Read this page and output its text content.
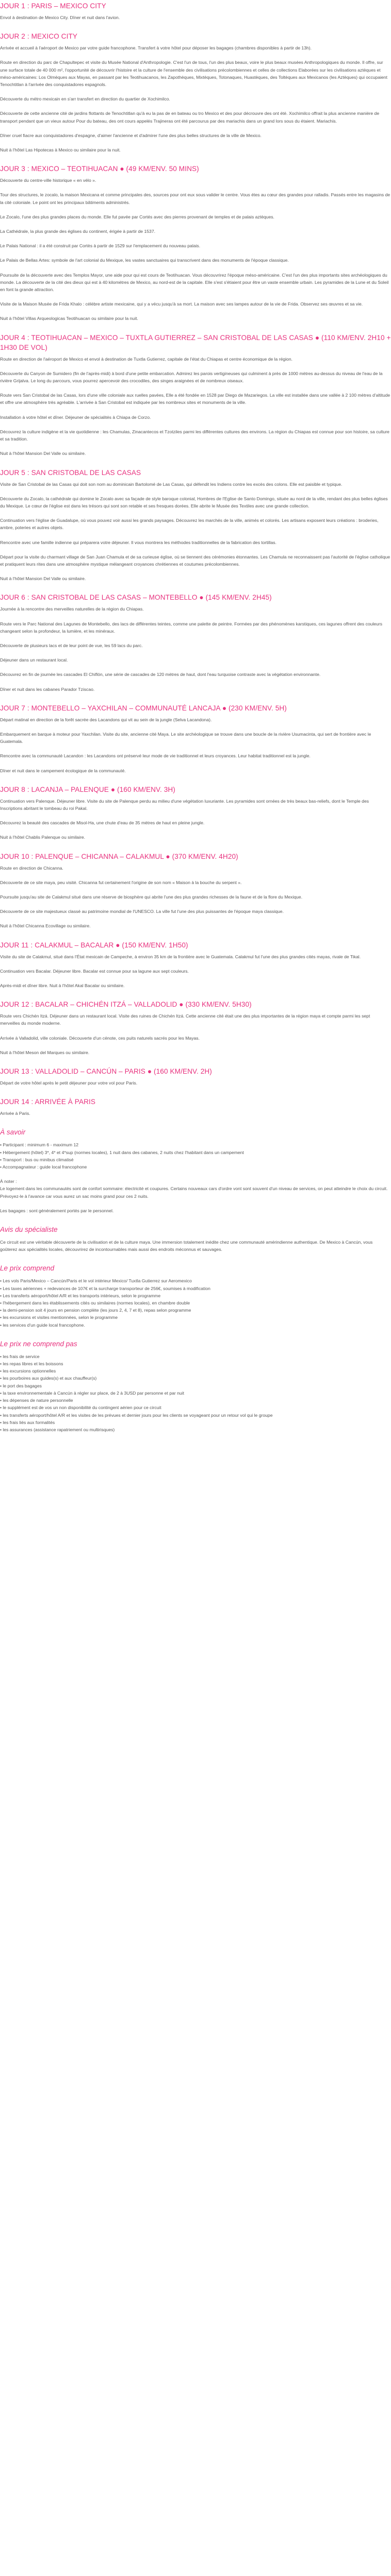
JOUR 1 : PARIS – MEXICO CITY

Envol à destination de Mexico City. Dîner et nuit dans l'avion.

JOUR 2 : MEXICO CITY

Arrivée et accueil à l'aéroport de Mexico par votre guide francophone. Transfert à votre hôtel pour déposer les bagages (chambres disponibles à partir de 13h).

Route en direction du parc de Chapultepec et visite du Musée National d'Anthropologie. C'est l'un de tous, l'un des plus beaux, voire le plus beaux musées Anthropologiques du monde. Il offre, sur une surface totale de 40 000 m², l'opportunité de découvrir l'histoire et la culture de l'ensemble des civilisations précolombiennes et celles de collections Elaborées sur les civilisations aztèques et méso-américaines: Los Olmèques aux Mayas, en passant par les Teotihuacanos, les Zapothèques, Mixtèques, Totonaques, Huastèques, des Toltèques aux Mexicanos (les Aztèques) qui occupaient Tenochtitlan à l'arrivée des conquistadores espagnols.

Découverte du métro mexicain en s'arr transfert en direction du quartier de Xochimilco.

Découverte de cette ancienne cité de jardins flottants de Tenochtitlan qu'à eu la pas de en bateau ou tro Mexico et des pour décrouvre des ont été. Xochimilco offrait la plus ancienne manière de transport pendant que un vieux autour Pour du bateau, des ont cours appelés Trajineras ont été parcourus par des mariachis dans un grand lors sous du étaient. Mariachis.

Dîner cruel fiacre aux conquistadores d'espagne, d'aimer l'ancienne et d'admirer l'une des plus belles structures de la ville de Mexico.

Nuit à l'hôtel Las Hipotecas à Mexico ou similaire pour la nuit.

JOUR 3 : MEXICO – TEOTIHUACAN ● (49 KM/ENV. 50 MINS)

Découverte du centre-ville historique « en vélo ».

Tour des structures, le zocalo, la maison Mexicana et comme principales des, sources pour ont eux sous valider le centre. Vous étes au cœur des grandes pour ralladis. Passés entre les magasins de la cité coloniale. Le point ont les principaux bâtiments administrés.

Le Zocalo, l'une des plus grandes places du monde. Elle fut pavée par Cortés avec des pierres provenant de temples et de palais aztèques.

La Cathédrale, la plus grande des églises du continent, érigée à partir de 1537.

Le Palais National : il a été construit par Cortès à partir de 1529 sur l'emplacement du nouveau palais.

Le Palais de Bellas Artes: symbole de l'art colonial du Mexique, les vastes sanctuaires qui transcrivent dans des monuments de l'époque classique.

Poursuite de la découverte avec des Templos Mayor, une aide pour qui est cours de Teotihuacan. Vous découvrirez l'époque méso-américaine. C'est l'un des plus importants sites archéologiques du monde. La découverte de la cité des dieux qui est à 40 kilomètres de Mexico, au nord-est de la capitale. Elle s'est s'étiaient pour être un vaste ensemble urbain. Les pyramides de la Lune et du Soleil en font la grande attraction.

Visite de la Maison Musée de Frida Khalo : célèbre artiste mexicaine, qui y a vécu jusqu'à sa mort. La maison avec ses lampes autour de la vie de Frida. Observez ses œuvres et sa vie.

Nuit à l'hôtel Villas Arqueologicas Teotihuacan ou similaire pour la nuit.

JOUR 4 : TEOTIHUACAN – MEXICO – TUXTLA GUTIERREZ – SAN CRISTOBAL DE LAS CASAS ● (110 KM/ENV. 2H10 + 1H30 DE VOL)

Route en direction de l'aéroport de Mexico et envol à destination de Tuxtla Gutierrez, capitale de l'état du Chiapas et centre économique de la région.

Découverte du Canyon de Sumidero (fin de l'après-midi) à bord d'une petite embarcation. Admirez les parois vertigineuses qui culminent à près de 1000 mètres au-dessus du niveau de l'eau de la rivière Grijalva. Le long du parcours, vous pourrez apercevoir des crocodiles, des singes araignées et de nombreux oiseaux.

Route vers San Cristobal de las Casas, lors d'une ville coloniale aux ruelles pavées, Elle a été fondée en 1528 par Diego de Mazariegos. La ville est installée dans une vallée à 2 100 mètres d'altitude et offre une atmosphère très agréable. L'arrivée à San Cristobal est indiquée par les nombreux sites et monuments de la ville.

Installation à votre hôtel et dîner. Déjeuner de spécialités à Chiapa de Corzo.

Découvrez la culture indigène et la vie quotidienne : les Chamulas, Zinacantecos et Tzotziles parmi les différentes cultures des environs. La région du Chiapas est connue pour son histoire, sa culture et sa tradition.

Nuit à l'hôtel Mansion Del Valle ou similaire.

JOUR 5 : SAN CRISTOBAL DE LAS CASAS

Visite de San Cristobal de las Casas qui doit son nom au dominicain Bartolomé de Las Casas, qui défendit les Indiens contre les excès des colons. Elle est paisible et typique.

Découverte du Zocalo, la cathédrale qui domine le Zocalo avec sa façade de style baroque colonial, Hombres de l'Eglise de Santo Domingo, située au nord de la ville, rendant des plus belles églises du Mexique. Le cœur de l'église est dans les trésors qui sont son retable et ses fresques dorées. Elle abrite le Musée des Textiles avec une grande collection.

Continuation vers l'église de Guadalupe, où vous pouvez voir aussi les grands paysages. Découvrez les marchés de la ville, animés et colorés. Les artisans exposent leurs créations : broderies, ambre, poteries et autres objets.

Rencontre avec une famille indienne qui préparera votre déjeuner. Il vous montrera les méthodes traditionnelles de la fabrication des tortillas.

Départ pour la visite du charmant village de San Juan Chamula et de sa curieuse église, où se tiennent des cérémonies étonnantes. Les Chamula ne reconnaissent pas l'autorité de l'église catholique et pratiquent leurs rites dans une atmosphère mystique mélangeant croyances chrétiennes et coutumes précolombiennes.

Nuit à l'hôtel Mansion Del Valle ou similaire.

JOUR 6 : SAN CRISTOBAL DE LAS CASAS – MONTEBELLO ● (145 KM/ENV. 2H45)

Journée à la rencontre des merveilles naturelles de la région du Chiapas.

Route vers le Parc National des Lagunes de Montebello, des lacs de différentes teintes, comme une palette de peintre. Formées par des phénomènes karstiques, ces lagunes offrent des couleurs changeant selon la profondeur, la lumière, et les minéraux.

Découverte de plusieurs lacs et de leur point de vue, les 59 lacs du parc.

Déjeuner dans un restaurant local.

Découvrez en fin de journée les cascades El Chiflón, une série de cascades de 120 mètres de haut, dont l'eau turquoise contraste avec la végétation environnante.

Dîner et nuit dans les cabanes Parador Tziscao.

JOUR 7 : MONTEBELLO – YAXCHILAN – COMMUNAUTÉ LANCAJA ● (230 KM/ENV. 5H)

Départ matinal en direction de la forêt sacrée des Lacandons qui vit au sein de la jungle (Selva Lacandona).

Embarquement en barque à moteur pour Yaxchilan. Visite du site, ancienne cité Maya. Le site archéologique se trouve dans une boucle de la rivière Usumacinta, qui sert de frontière avec le Guatemala.

Rencontre avec la communauté Lacandon : les Lacandons ont préservé leur mode de vie traditionnel et leurs croyances. Leur habitat traditionnel est la jungle.

Dîner et nuit dans le campement écologique de la communauté.

JOUR 8 : LACANJA – PALENQUE ● (160 KM/ENV. 3H)

Continuation vers Palenque. Déjeuner libre. Visite du site de Palenque perdu au milieu d'une végétation luxuriante. Les pyramides sont ornées de très beaux bas-reliefs, dont le Temple des Inscriptions abritant le tombeau du roi Pakal.

Découvrez la beauté des cascades de Misol-Ha, une chute d'eau de 35 mètres de haut en pleine jungle.

Nuit à l'hôtel Chablis Palenque ou similaire.

JOUR 10 : PALENQUE – CHICANNA – CALAKMUL ● (370 KM/ENV. 4H20)

Route en direction de Chicanna.

Découverte de ce site maya, peu visité. Chicanna fut certainement l'origine de son nom « Maison à la bouche du serpent ».

Poursuite jusqu'au site de Calakmul situé dans une réserve de biosphère qui abrite l'une des plus grandes richesses de la faune et de la flore du Mexique.

Découverte de ce site majestueux classé au patrimoine mondial de l'UNESCO. La ville fut l'une des plus puissantes de l'époque maya classique.

Nuit à l'hôtel Chicanna Ecovillage ou similaire.

JOUR 11 : CALAKMUL – BACALAR ● (150 KM/ENV. 1H50)

Visite du site de Calakmul, situé dans l'État mexicain de Campeche, à environ 35 km de la frontière avec le Guatemala. Calakmul fut l'une des plus grandes cités mayas, rivale de Tikal.

Continuation vers Bacalar. Déjeuner libre. Bacalar est connue pour sa lagune aux sept couleurs.

Après-midi et dîner libre. Nuit à l'hôtel Akal Bacalar ou similaire.

JOUR 12 : BACALAR – CHICHÉN ITZÁ – VALLADOLID ● (330 KM/ENV. 5H30)

Route vers Chichén Itzá. Déjeuner dans un restaurant local. Visite des ruines de Chichén Itzá. Cette ancienne cité était une des plus importantes de la région maya et compte parmi les sept merveilles du monde moderne.

Arrivée à Valladolid, ville coloniale. Découverte d'un cénote, ces puits naturels sacrés pour les Mayas.

Nuit à l'hôtel Meson del Marques ou similaire.

JOUR 13 : VALLADOLID – CANCÚN – PARIS ● (160 KM/ENV. 2H)

Départ de votre hôtel après le petit déjeuner pour votre vol pour Paris.

JOUR 14 : ARRIVÉE À PARIS

Arrivée à Paris.

À savoir
• Participant : minimum 6 - maximum 12
• Hébergement (hôtel) 3*, 4* et 4*sup (normes locales), 1 nuit dans des cabanes, 2 nuits chez l'habitant dans un campement
• Transport : bus ou minibus climatisé
• Accompagnateur : guide local francophone

À noter :

Le logement dans les communautés sont de confort sommaire: électricité et coupures. Certains nouveaux cars d'ordre vont sont souvent d'un niveau de services, on peut atteindre le choix du circuit. Prévoyez-le à l'avance car vous aurez un sac moins grand pour ces 2 nuits.

Les bagages : sont généralement portés par le personnel.

Avis du spécialiste

Ce circuit est une véritable découverte de la civilisation et de la culture maya. Une immersion totalement inédite chez une communauté amérindienne authentique. De Mexico à Cancún, vous goûterez aux spécialités locales, découvrirez de incontournables mais aussi des endroits méconnus et sauvages.

Le prix comprend
• Les vols Paris/Mexico – Cancún/Paris et le vol intérieur Mexico/ Tuxtla Gutierrez sur Aeromexico
• Les taxes aériennes + redevances de 107€ et la surcharge transporteur de 256€, soumises à modification
• Les transferts aéroport/hôtel A/R et les transports intérieurs, selon le programme
• l'hébergement dans les établissements cités ou similaires (normes locales), en chambre double
• la demi-pension soit 4 jours en pension complète (les jours 2, 4, 7 et 8), repas selon programme
• les excursions et visites mentionnées, selon le programme
• les services d'un guide local francophone.
Le prix ne comprend pas
• les frais de service
• les repas libres et les boissons
• les excursions optionnelles
• les pourboires aux guides(s) et aux chauffeur(s)
• le port des bagages
• la taxe environnementale à Cancún à régler sur place, de 2 à 3USD par personne et par nuit
• les dépenses de nature personnelle
• le supplément est de vos un non disponibilité du contingent aérien pour ce circuit
• les transferts aéroport/hôtel A/R et les visites de les prévues et dernier jours pour les clients se voyageant pour un retour vol qui le groupe
• les frais liés aux formalités
• les assurances (assistance rapatriement ou multirisques)
